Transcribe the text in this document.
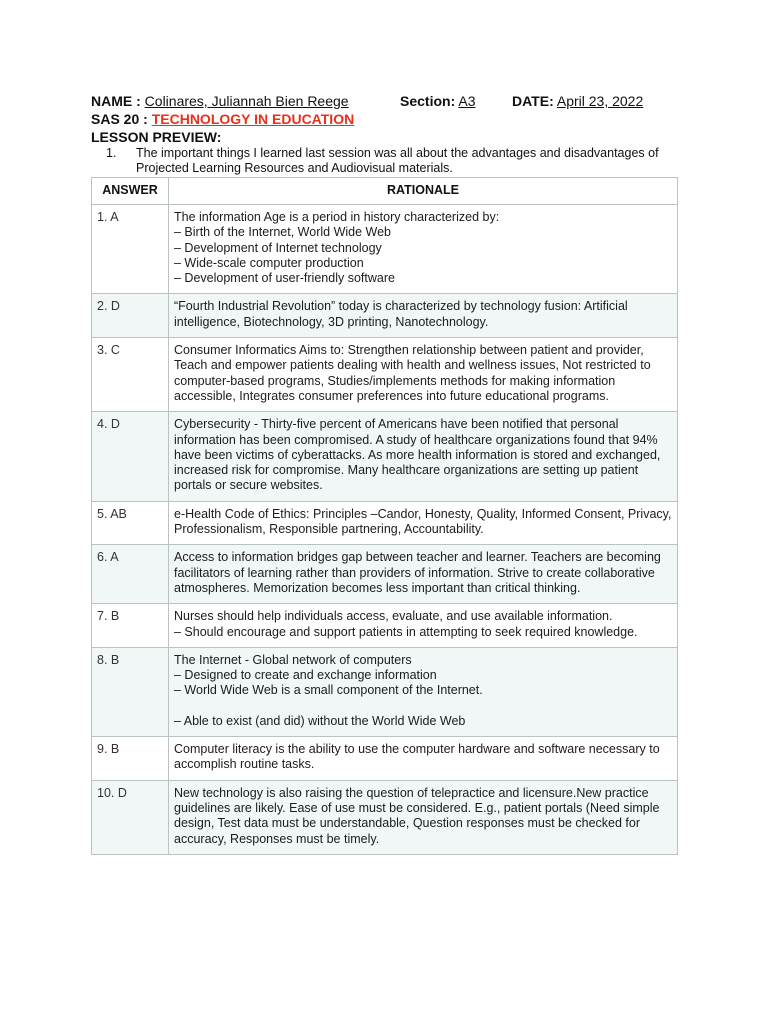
NAME : Colinares, Juliannah Bien Reege	Section: A3	DATE: April 23, 2022
SAS 20 : TECHNOLOGY IN EDUCATION
LESSON PREVIEW:
1. The important things I learned last session was all about the advantages and disadvantages of Projected Learning Resources and Audiovisual materials.
ANSWER	RATIONALE
1. A	The information Age is a period in history characterized by:
– Birth of the Internet, World Wide Web
– Development of Internet technology
– Wide-scale computer production
– Development of user-friendly software

2. D	“Fourth Industrial Revolution” today is characterized by technology fusion: Artificial intelligence, Biotechnology, 3D printing, Nanotechnology.

3. C	Consumer Informatics Aims to: Strengthen relationship between patient and provider, Teach and empower patients dealing with health and wellness issues, Not restricted to computer-based programs, Studies/implements methods for making information accessible, Integrates consumer preferences into future educational programs.

4. D	Cybersecurity - Thirty-five percent of Americans have been notified that personal information has been compromised. A study of healthcare organizations found that 94% have been victims of cyberattacks. As more health information is stored and exchanged, increased risk for compromise. Many healthcare organizations are setting up patient portals or secure websites.

5. AB	e-Health Code of Ethics: Principles –Candor, Honesty, Quality, Informed Consent, Privacy, Professionalism, Responsible partnering, Accountability.

6. A	Access to information bridges gap between teacher and learner. Teachers are becoming facilitators of learning rather than providers of information. Strive to create collaborative atmospheres. Memorization becomes less important than critical thinking.

7. B	Nurses should help individuals access, evaluate, and use available information.
– Should encourage and support patients in attempting to seek required knowledge.

8. B	The Internet - Global network of computers
– Designed to create and exchange information
– World Wide Web is a small component of the Internet.
– Able to exist (and did) without the World Wide Web

9. B	Computer literacy is the ability to use the computer hardware and software necessary to accomplish routine tasks.

10. D	New technology is also raising the question of telepractice and licensure.New practice guidelines are likely. Ease of use must be considered. E.g., patient portals (Need simple design, Test data must be understandable, Question responses must be checked for accuracy, Responses must be timely.
